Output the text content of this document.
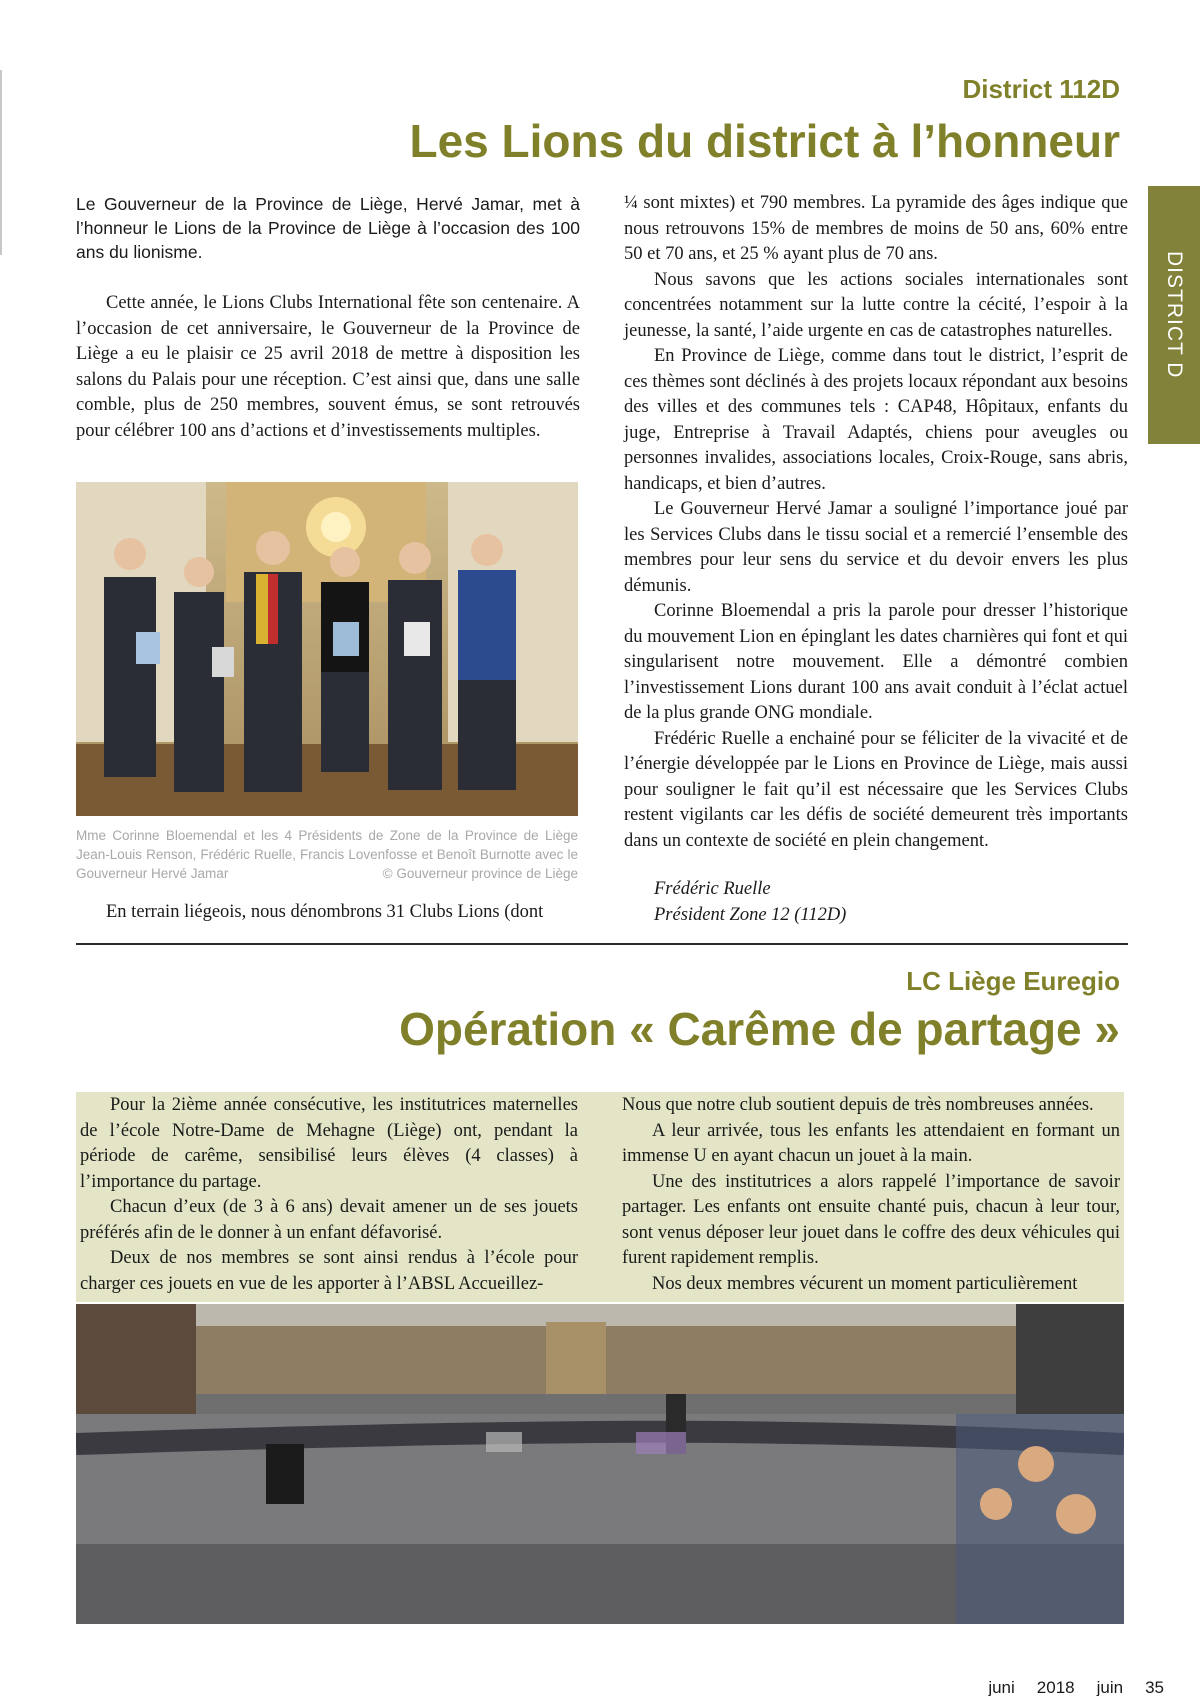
DISTRICT D
District 112D
Les Lions du district à l’honneur
Le Gouverneur de la Province de Liège, Hervé Jamar, met à l’honneur le Lions de la Province de Liège à l’occasion des 100 ans du lionisme.

Cette année, le Lions Clubs International fête son centenaire. A l’occasion de cet anniversaire, le Gouverneur de la Province de Liège a eu le plaisir ce 25 avril 2018 de mettre à disposition les salons du Palais pour une réception. C’est ainsi que, dans une salle comble, plus de 250 membres, souvent émus, se sont retrouvés pour célébrer 100 ans d’actions et d’investissements multiples.

Mme Corinne Bloemendal et les 4 Présidents de Zone de la Province de Liège Jean-Louis Renson, Frédéric Ruelle, Francis Lovenfosse et Benoît Burnotte avec le Gouverneur Hervé Jamar	© Gouverneur province de Liège

En terrain liégeois, nous dénombrons 31 Clubs Lions (dont

¼ sont mixtes) et 790 membres. La pyramide des âges indique que nous retrouvons 15% de membres de moins de 50 ans, 60% entre 50 et 70 ans, et 25 % ayant plus de 70 ans.

Nous savons que les actions sociales internationales sont concentrées notamment sur la lutte contre la cécité, l’espoir à la jeunesse, la santé, l’aide urgente en cas de catastrophes naturelles.

En Province de Liège, comme dans tout le district, l’esprit de ces thèmes sont déclinés à des projets locaux répondant aux besoins des villes et des communes tels : CAP48, Hôpitaux, enfants du juge, Entreprise à Travail Adaptés, chiens pour aveugles ou personnes invalides, associations locales, Croix-Rouge, sans abris, handicaps, et bien d’autres.

Le Gouverneur Hervé Jamar a souligné l’importance joué par les Services Clubs dans le tissu social et a remercié l’ensemble des membres pour leur sens du service et du devoir envers les plus démunis.

Corinne Bloemendal a pris la parole pour dresser l’historique du mouvement Lion en épinglant les dates charnières qui font et qui singularisent notre mouvement. Elle a démontré combien l’investissement Lions durant 100 ans avait conduit à l’éclat actuel de la plus grande ONG mondiale.

Frédéric Ruelle a enchainé pour se féliciter de la vivacité et de l’énergie développée par le Lions en Province de Liège, mais aussi pour souligner le fait qu’il est nécessaire que les Services Clubs restent vigilants car les défis de société demeurent très importants dans un contexte de société en plein changement.

Frédéric Ruelle
Président Zone 12 (112D)
LC Liège Euregio
Opération « Carême de partage »

Pour la 2ième année consécutive, les institutrices maternelles de l’école Notre-Dame de Mehagne (Liège) ont, pendant la période de carême, sensibilisé leurs élèves (4 classes) à l’importance du partage.

Chacun d’eux (de 3 à 6 ans) devait amener un de ses jouets préférés afin de le donner à un enfant défavorisé.

Deux de nos membres se sont ainsi rendus à l’école pour charger ces jouets en vue de les apporter à l’ABSL Accueillez-

Nous que notre club soutient depuis de très nombreuses années.

A leur arrivée, tous les enfants les attendaient en formant un immense U en ayant chacun un jouet à la main.

Une des institutrices a alors rappelé l’importance de savoir partager. Les enfants ont ensuite chanté puis, chacun à leur tour, sont venus déposer leur jouet dans le coffre des deux véhicules qui furent rapidement remplis.

Nos deux membres vécurent un moment particulièrement

juni 2018 juin 35
